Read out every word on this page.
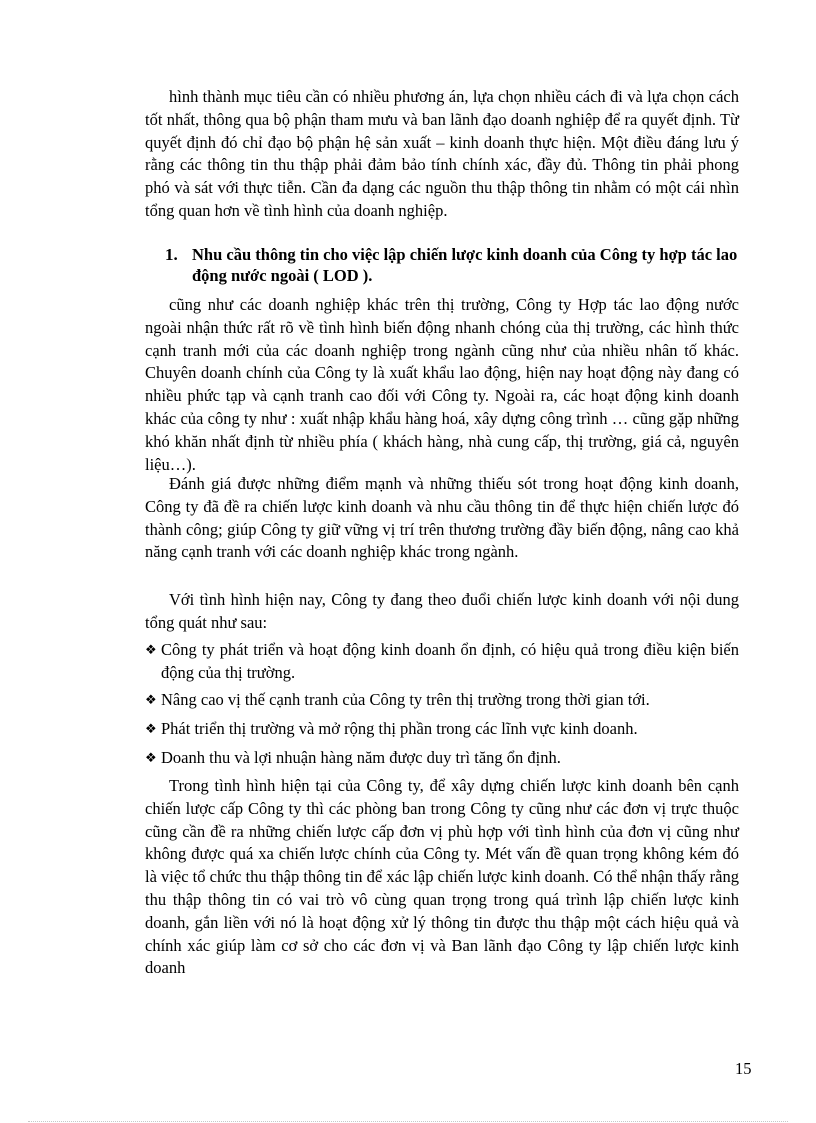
hình thành mục tiêu cần có nhiều phương án, lựa chọn nhiều cách đi và lựa chọn cách tốt nhất, thông qua bộ phận tham mưu và ban lãnh đạo doanh nghiệp để ra quyết định. Từ quyết định đó chỉ đạo bộ phận hệ sản xuất – kinh doanh thực hiện. Một điều đáng lưu ý rằng các thông tin thu thập phải đảm bảo tính chính xác, đầy đủ. Thông tin phải phong phó và sát với thực tiễn. Cần đa dạng các nguồn thu thập thông tin nhằm có một cái nhìn tổng quan hơn về tình hình của doanh nghiệp.

1. Nhu cầu thông tin cho việc lập chiến lược kinh doanh của Công ty hợp tác lao động nước ngoài ( LOD ).

cũng như các doanh nghiệp khác trên thị trường, Công ty Hợp tác lao động nước ngoài nhận thức rất rõ về tình hình biến động nhanh chóng của thị trường, các hình thức cạnh tranh mới của các doanh nghiệp trong ngành cũng như của nhiều nhân tố khác. Chuyên doanh chính của Công ty là xuất khẩu lao động, hiện nay hoạt động này đang có nhiều phức tạp và cạnh tranh cao đối với Công ty. Ngoài ra, các hoạt động kinh doanh khác của công ty như : xuất nhập khẩu hàng hoá, xây dựng công trình … cũng gặp những khó khăn nhất định từ nhiều phía ( khách hàng, nhà cung cấp, thị trường, giá cả, nguyên liệu…).

Đánh giá được những điểm mạnh và những thiếu sót trong hoạt động kinh doanh, Công ty đã đề ra chiến lược kinh doanh và nhu cầu thông tin để thực hiện chiến lược đó thành công; giúp Công ty giữ vững vị trí trên thương trường đầy biến động, nâng cao khả năng cạnh tranh với các doanh nghiệp khác trong ngành.

Với tình hình hiện nay, Công ty đang theo đuổi chiến lược kinh doanh với nội dung tổng quát như sau:

❖ Công ty phát triển và hoạt động kinh doanh ổn định, có hiệu quả trong điều kiện biến động của thị trường.
❖ Nâng cao vị thế cạnh tranh của Công ty trên thị trường trong thời gian tới.
❖ Phát triển thị trường và mở rộng thị phần trong các lĩnh vực kinh doanh.
❖ Doanh thu và lợi nhuận hàng năm được duy trì tăng ổn định.

Trong tình hình hiện tại của Công ty, để xây dựng chiến lược kinh doanh bên cạnh chiến lược cấp Công ty thì các phòng ban trong Công ty cũng như các đơn vị trực thuộc cũng cần đề ra những chiến lược cấp đơn vị phù hợp với tình hình của đơn vị cũng như không được quá xa chiến lược chính của Công ty. Mét vấn đề quan trọng không kém đó là việc tổ chức thu thập thông tin để xác lập chiến lược kinh doanh. Có thể nhận thấy rằng thu thập thông tin có vai trò vô cùng quan trọng trong quá trình lập chiến lược kinh doanh, gắn liền với nó là hoạt động xử lý thông tin được thu thập một cách hiệu quả và chính xác giúp làm cơ sở cho các đơn vị và Ban lãnh đạo Công ty lập chiến lược kinh doanh

15
